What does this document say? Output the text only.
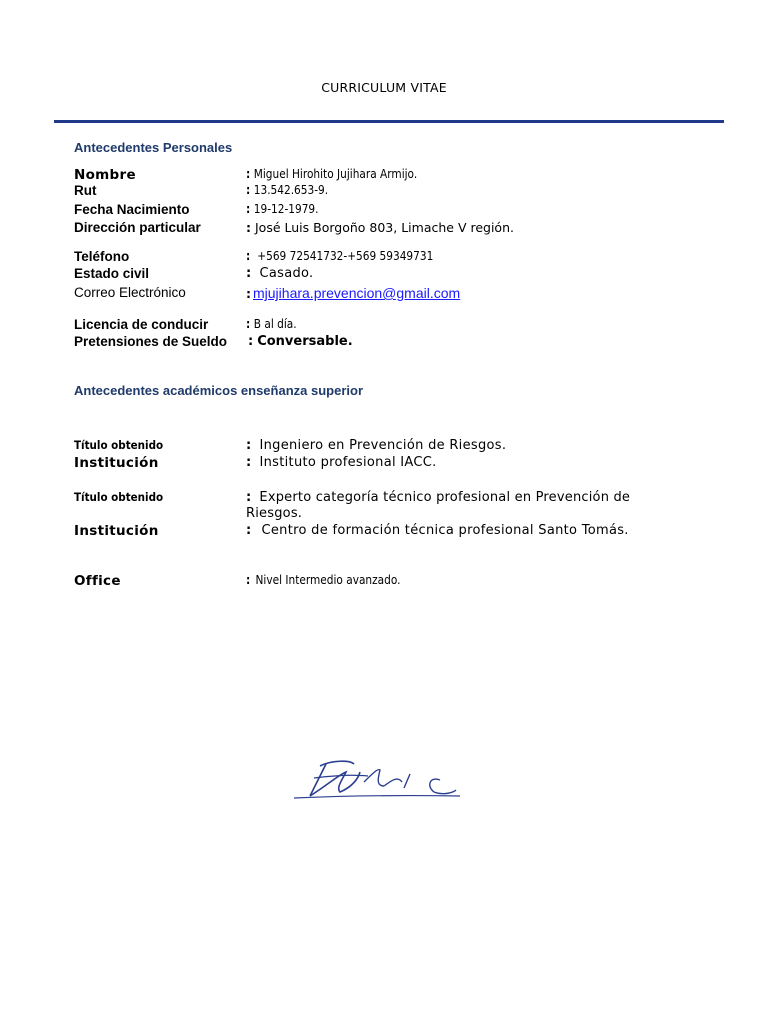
CURRICULUM VITAE
Antecedentes Personales
Nombre	: Miguel Hirohito Jujihara Armijo.
Rut	: 13.542.653-9.
Fecha Nacimiento	: 19-12-1979.
Dirección particular	: José Luis Borgoño 803, Limache V región.
Teléfono	: +569 72541732-+569 59349731
Estado civil	: Casado.
Correo Electrónico	: mjujihara.prevencion@gmail.com
Licencia de conducir	: B al día.
Pretensiones de Sueldo : Conversable.
Antecedentes académicos enseñanza superior
Título obtenido	: Ingeniero en Prevención de Riesgos.
Institución	: Instituto profesional IACC.
Título obtenido	: Experto categoría técnico profesional en Prevención de Riesgos.
Institución	: Centro de formación técnica profesional Santo Tomás.
Office	: Nivel Intermedio avanzado.
